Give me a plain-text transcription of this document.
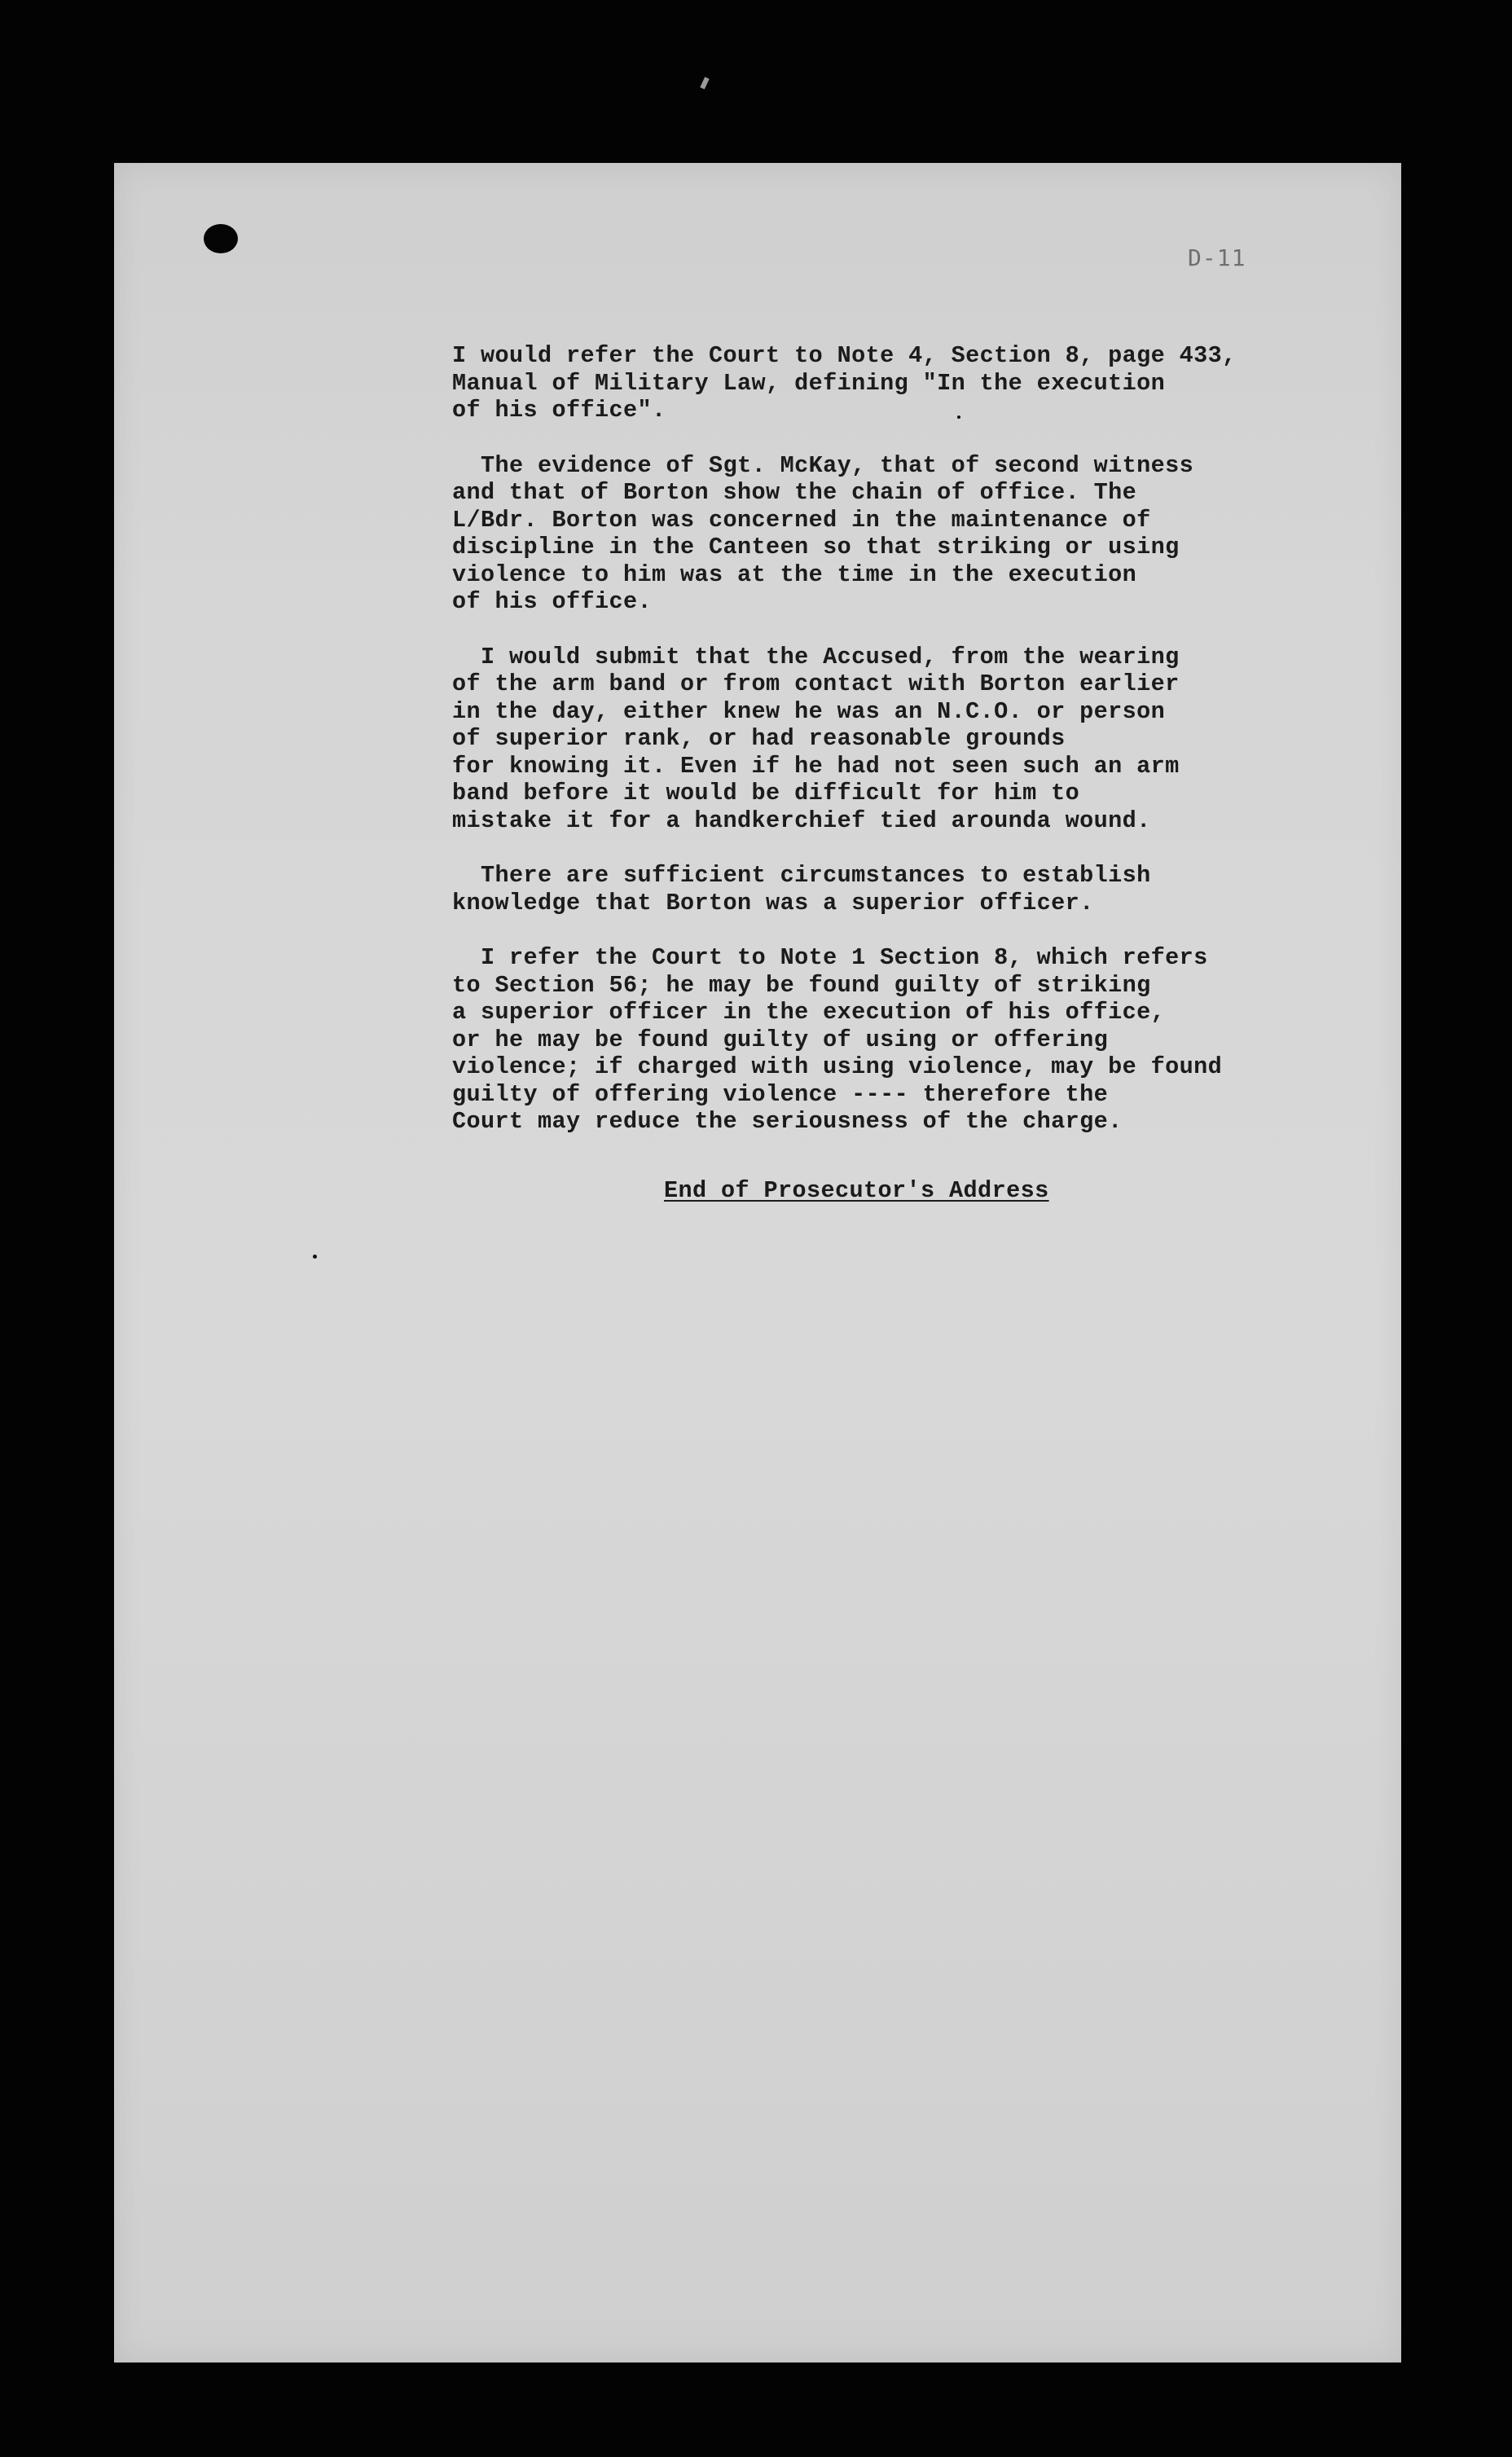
D-11

I would refer the Court to Note 4, Section 8, page 433,
Manual of Military Law, defining "In the execution
of his office".

The evidence of Sgt. McKay, that of second witness
and that of Borton show the chain of office. The
L/Bdr. Borton was concerned in the maintenance of
discipline in the Canteen so that striking or using
violence to him was at the time in the execution
of his office.

I would submit that the Accused, from the wearing
of the arm band or from contact with Borton earlier
in the day, either knew he was an N.C.O. or person
of superior rank, or had reasonable grounds
for knowing it. Even if he had not seen such an arm
band before it would be difficult for him to
mistake it for a handkerchief tied arounda wound.

There are sufficient circumstances to establish
knowledge that Borton was a superior officer.

I refer the Court to Note 1 Section 8, which refers
to Section 56; he may be found guilty of striking
a superior officer in the execution of his office,
or he may be found guilty of using or offering
violence; if charged with using violence, may be found
guilty of offering violence ---- therefore the
Court may reduce the seriousness of the charge.

End of Prosecutor's Address
